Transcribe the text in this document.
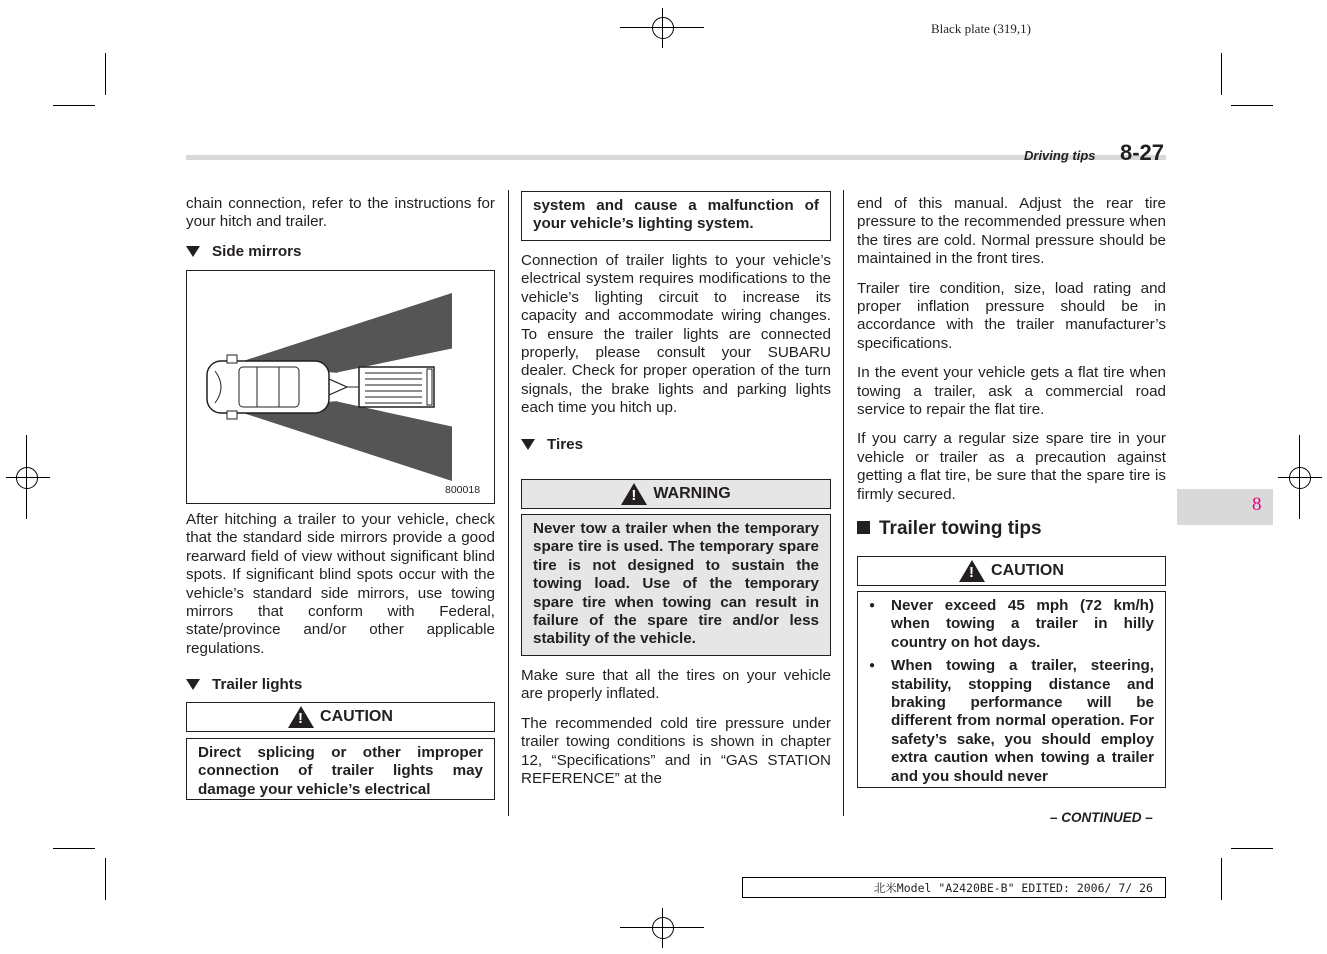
Black plate (319,1)
Driving tips 8-27

chain connection, refer to the instructions for your hitch and trailer.

Side mirrors
800018

After hitching a trailer to your vehicle, check that the standard side mirrors provide a good rearward field of view without significant blind spots. If significant blind spots occur with the vehicle’s standard side mirrors, use towing mirrors that conform with Federal, state/province and/or other applicable regulations.

Trailer lights
!
CAUTION
Direct splicing or other improper connection of trailer lights may damage your vehicle’s electrical
system and cause a malfunction of your vehicle’s lighting system.

Connection of trailer lights to your vehicle’s electrical system requires modifications to the vehicle’s lighting circuit to increase its capacity and accommodate wiring changes. To ensure the trailer lights are connected properly, please consult your SUBARU dealer. Check for proper operation of the turn signals, the brake lights and parking lights each time you hitch up.

Tires
!
WARNING
Never tow a trailer when the temporary spare tire is used. The temporary spare tire is not designed to sustain the towing load. Use of the temporary spare tire when towing can result in failure of the spare tire and/or less stability of the vehicle.

Make sure that all the tires on your vehicle are properly inflated.

The recommended cold tire pressure under trailer towing conditions is shown in chapter 12, “Specifications” and in “GAS STATION REFERENCE” at the

end of this manual. Adjust the rear tire pressure to the recommended pressure when the tires are cold. Normal pressure should be maintained in the front tires.

Trailer tire condition, size, load rating and proper inflation pressure should be in accordance with the trailer manufacturer’s specifications.

In the event your vehicle gets a flat tire when towing a trailer, ask a commercial road service to repair the flat tire.

If you carry a regular size spare tire in your vehicle or trailer as a precaution against getting a flat tire, be sure that the spare tire is firmly secured.

Trailer towing tips
!
CAUTION
● Never exceed 45 mph (72 km/h) when towing a trailer in hilly country on hot days.
● When towing a trailer, steering, stability, stopping distance and braking performance will be different from normal operation. For safety’s sake, you should employ extra caution when towing a trailer and you should never
8
– CONTINUED –
北米Model "A2420BE-B" EDITED: 2006/ 7/ 26
